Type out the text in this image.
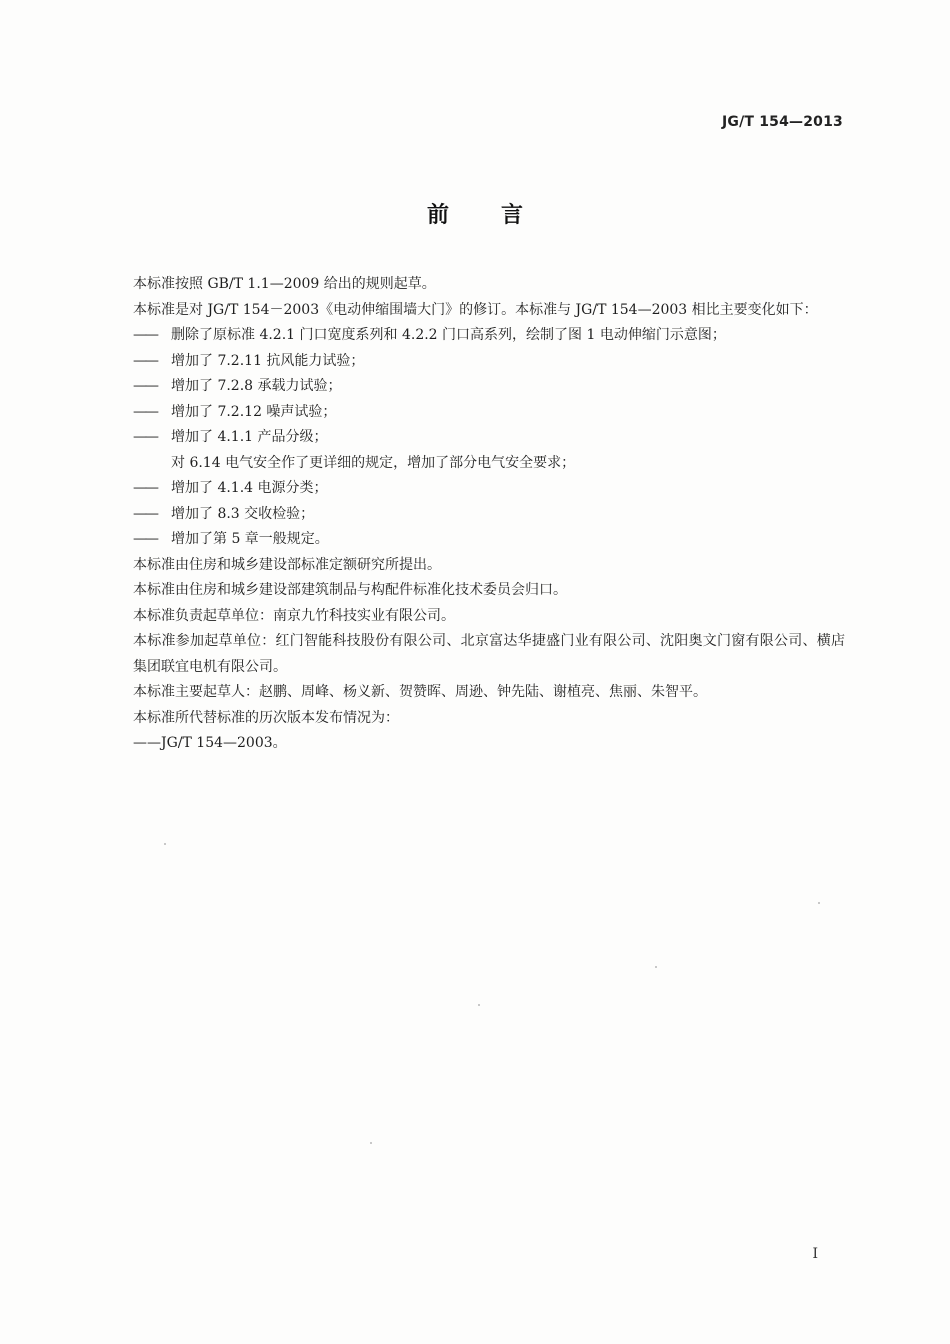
JG/T 154—2013
前言

本标准按照 GB/T 1.1—2009 给出的规则起草。

本标准是对 JG/T 154－2003《电动伸缩围墙大门》的修订。本标准与 JG/T 154—2003 相比主要变化如下：

—— 删除了原标准 4.2.1 门口宽度系列和 4.2.2 门口高系列，绘制了图 1 电动伸缩门示意图；

—— 增加了 7.2.11 抗风能力试验；

—— 增加了 7.2.8 承载力试验；

—— 增加了 7.2.12 噪声试验；

—— 增加了 4.1.1 产品分级；

对 6.14 电气安全作了更详细的规定，增加了部分电气安全要求；

—— 增加了 4.1.4 电源分类；

—— 增加了 8.3 交收检验；

—— 增加了第 5 章一般规定。

本标准由住房和城乡建设部标准定额研究所提出。

本标准由住房和城乡建设部建筑制品与构配件标准化技术委员会归口。

本标准负责起草单位：南京九竹科技实业有限公司。

本标准参加起草单位：红门智能科技股份有限公司、北京富达华捷盛门业有限公司、沈阳奥文门窗有限公司、横店集团联宜电机有限公司。

本标准主要起草人：赵鹏、周峰、杨义新、贺赞晖、周逊、钟先陆、谢植亮、焦丽、朱智平。

本标准所代替标准的历次版本发布情况为：

——JG/T 154—2003。

I
